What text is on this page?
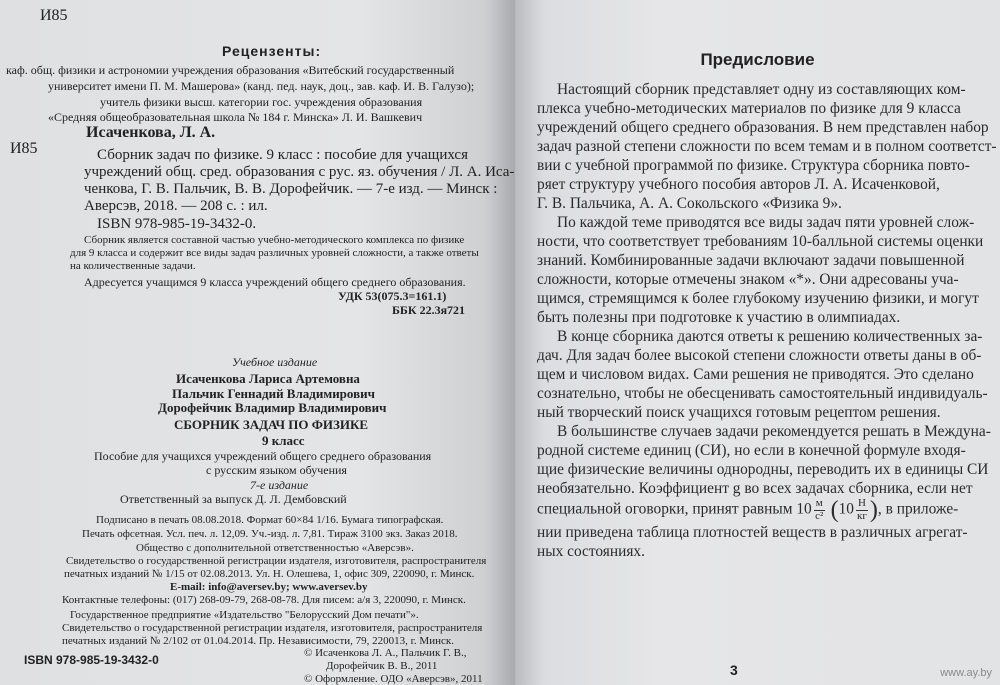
И85
Рецензенты:
каф. общ. физики и астрономии учреждения образования «Витебский государственный
университет имени П. М. Машерова» (канд. пед. наук, доц., зав. каф. И. В. Галузо);
учитель физики высш. категории гос. учреждения образования
«Средняя общеобразовательная школа № 184 г. Минска» Л. И. Вашкевич
И85
Исаченкова, Л. А.
Сборник задач по физике. 9 класс : пособие для учащихся
учреждений общ. сред. образования с рус. яз. обучения / Л. А. Иса-
ченкова, Г. В. Пальчик, В. В. Дорофейчик. — 7-е изд. — Минск :
Аверсэв, 2018. — 208 с. : ил.
ISBN 978-985-19-3432-0.
Сборник является составной частью учебно-методического комплекса по физике
для 9 класса и содержит все виды задач различных уровней сложности, а также ответы
на количественные задачи.
Адресуется учащимся 9 класса учреждений общего среднего образования.
УДК 53(075.3=161.1)
ББК 22.3я721
Учебное издание
Исаченкова Лариса Артемовна
Пальчик Геннадий Владимирович
Дорофейчик Владимир Владимирович
СБОРНИК ЗАДАЧ ПО ФИЗИКЕ
9 класс
Пособие для учащихся учреждений общего среднего образования
с русским языком обучения
7-е издание
Ответственный за выпуск Д. Л. Дембовский
Подписано в печать 08.08.2018. Формат 60×84 1/16. Бумага типографская.
Печать офсетная. Усл. печ. л. 12,09. Уч.-изд. л. 7,81. Тираж 3100 экз. Заказ 2018.
Общество с дополнительной ответственностью «Аверсэв».
Свидетельство о государственной регистрации издателя, изготовителя, распространителя
печатных изданий № 1/15 от 02.08.2013. Ул. Н. Олешева, 1, офис 309, 220090, г. Минск.
E-mail: info@aversev.by; www.aversev.by
Контактные телефоны: (017) 268-09-79, 268-08-78. Для писем: а/я 3, 220090, г. Минск.
Государственное предприятие «Издательство "Белорусский Дом печати"».
Свидетельство о государственной регистрации издателя, изготовителя, распространителя
печатных изданий № 2/102 от 01.04.2014. Пр. Независимости, 79, 220013, г. Минск.
ISBN 978-985-19-3432-0	© Исаченкова Л. А., Пальчик Г. В.,
Дорофейчик В. В., 2011
© Оформление. ОДО «Аверсэв», 2011
Предисловие
Настоящий сборник представляет одну из составляющих ком-
плекса учебно-методических материалов по физике для 9 класса
учреждений общего среднего образования. В нем представлен набор
задач разной степени сложности по всем темам и в полном соответст-
вии с учебной программой по физике. Структура сборника повто-
ряет структуру учебного пособия авторов Л. А. Исаченковой,
Г. В. Пальчика, А. А. Сокольского «Физика 9».
По каждой теме приводятся все виды задач пяти уровней слож-
ности, что соответствует требованиям 10-балльной системы оценки
знаний. Комбинированные задачи включают задачи повышенной
сложности, которые отмечены знаком «*». Они адресованы уча-
щимся, стремящимся к более глубокому изучению физики, и могут
быть полезны при подготовке к участию в олимпиадах.
В конце сборника даются ответы к решению количественных за-
дач. Для задач более высокой степени сложности ответы даны в об-
щем и числовом видах. Сами решения не приводятся. Это сделано
сознательно, чтобы не обесценивать самостоятельный индивидуаль-
ный творческий поиск учащихся готовым рецептом решения.
В большинстве случаев задачи рекомендуется решать в Междуна-
родной системе единиц (СИ), но если в конечной формуле входя-
щие физические величины однородны, переводить их в единицы СИ
необязательно. Коэффициент g во всех задачах сборника, если нет
специальной оговорки, принят равным $10 \frac{м}{\text{с²}} (10 \frac{Н}{кг}$ ), в приложе-
нии приведена таблица плотностей веществ в различных агрегат-
ных состояниях.
3	www.ay.by
